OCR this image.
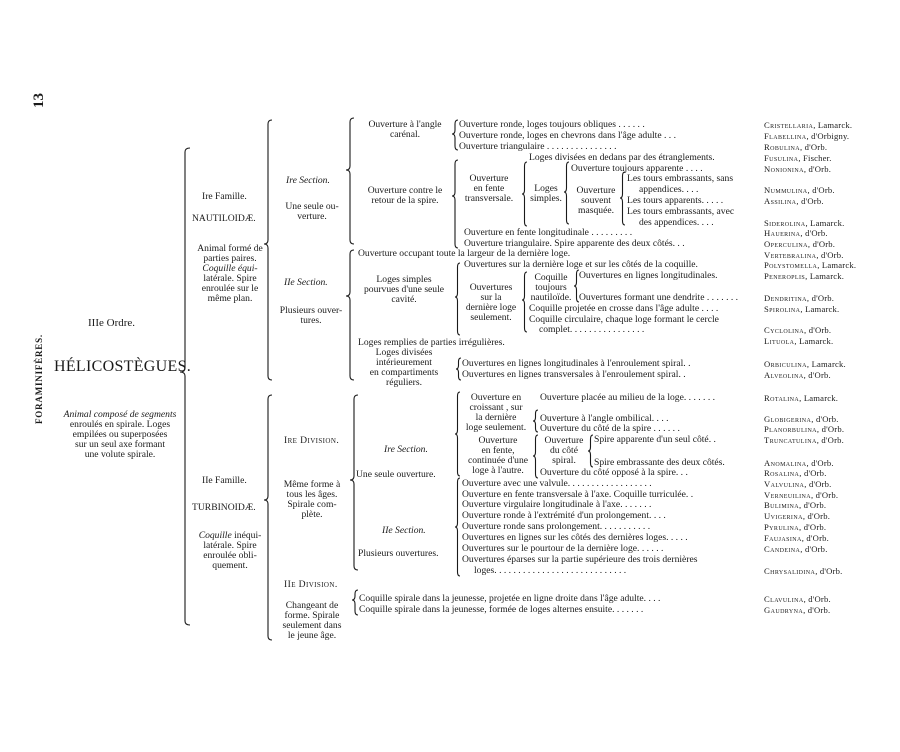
13
FORAMINIFÈRES.
IIIe Ordre.
HÉLICOSTÈGUES.
Animal composé de segments
enroulés en spirale. Loges
empilées ou superposées
sur un seul axe formant
une volute spirale.
Ire Famille.
NAUTILOIDÆ.
Animal formé de
parties paires.
Coquille équi-
latérale. Spire
enroulée sur le
même plan.
Ire Section.
Une seule ou-
verture.
IIe Section.
Plusieurs ouver-
tures.
IIe Famille.
TURBINOIDÆ.
Coquille inéqui-
latérale. Spire
enroulée obli-
quement.
Ire Division.
Même forme à
tous les âges.
Spirale com-
plète.
Ire Section.
Une seule ouverture.
IIe Section.
Plusieurs ouvertures.
IIe Division.
Changeant de
forme. Spirale
seulement dans
le jeune âge.
Ouverture à l'angle
carénal.
Ouverture contre le
retour de la spire.
Ouverture
en fente
transversale.
Loges
simples.
Ouverture
souvent
masquée.
Ouverture occupant toute la largeur de la dernière loge.
Loges simples
pourvues d'une seule
cavité.
Ouvertures
sur la
dernière loge
seulement.
Coquille
toujours
nautiloïde.
Loges remplies de parties irrégulières.
Loges divisées
intérieurement
en compartiments
réguliers.
Ouverture en
croissant , sur
la dernière
loge seulement.
Ouverture
en fente,
continuée d'une
loge à l'autre.
Ouverture
du côté
spiral.
Ouverture ronde, loges toujours obliques . . . . . .
Ouverture ronde, loges en chevrons dans l'âge adulte . . .
Ouverture triangulaire . . . . . . . . . . . . . . .
Loges divisées en dedans par des étranglements.
Ouverture toujours apparente . . . .
Les tours embrassants, sans
appendices. . . .
Les tours apparents. . . . .
Les tours embrassants, avec
des appendices. . . .
Ouverture en fente longitudinale . . . . . . . . .
Ouverture triangulaire. Spire apparente des deux côtés. . .
Ouvertures sur la dernière loge et sur les côtés de la coquille.
Ouvertures en lignes longitudinales.
Ouvertures formant une dendrite . . . . . . .
Coquille projetée en crosse dans l'âge adulte . . . .
Coquille circulaire, chaque loge formant le cercle
complet. . . . . . . . . . . . . . . .
Ouvertures en lignes longitudinales à l'enroulement spiral. .
Ouvertures en lignes transversales à l'enroulement spiral. .
Ouverture placée au milieu de la loge. . . . . . .
Ouverture à l'angle ombilical. . . .
Ouverture du côté de la spire . . . . . .
Spire apparente d'un seul côté. .
Spire embrassante des deux côtés.
Ouverture du côté opposé à la spire. . .
Ouverture avec une valvule. . . . . . . . . . . . . . . . . .
Ouverture en fente transversale à l'axe. Coquille turriculée. .
Ouverture virgulaire longitudinale à l'axe. . . . . . .
Ouverture ronde à l'extrémité d'un prolongement. . . .
Ouverture ronde sans prolongement. . . . . . . . . . .
Ouvertures en lignes sur les côtés des dernières loges. . . . .
Ouvertures sur le pourtour de la dernière loge. . . . . .
Ouvertures éparses sur la partie supérieure des trois dernières
loges. . . . . . . . . . . . . . . . . . . . . . . . . . . .
Coquille spirale dans la jeunesse, projetée en ligne droite dans l'âge adulte. . . .
Coquille spirale dans la jeunesse, formée de loges alternes ensuite. . . . . . .
Cristellaria, Lamarck.
Flabellina, d'Orbigny.
Robulina, d'Orb.
Fusulina, Fischer.
Nonionina, d'Orb.
Nummulina, d'Orb.
Assilina, d'Orb.
Siderolina, Lamarck.
Hauerina, d'Orb.
Operculina, d'Orb.
Vertebralina, d'Orb.
Polystomella, Lamarck.
Peneroplis, Lamarck.
Dendritina, d'Orb.
Spirolina, Lamarck.
Cyclolina, d'Orb.
Lituola, Lamarck.
Orbiculina, Lamarck.
Alveolina, d'Orb.
Rotalina, Lamarck.
Globigerina, d'Orb.
Planorbulina, d'Orb.
Truncatulina, d'Orb.
Anomalina, d'Orb.
Rosalina, d'Orb.
Valvulina, d'Orb.
Verneuilina, d'Orb.
Bulimina, d'Orb.
Uvigerina, d'Orb.
Pyrulina, d'Orb.
Faujasina, d'Orb.
Candeina, d'Orb.
Chrysalidina, d'Orb.
Clavulina, d'Orb.
Gaudryna, d'Orb.
